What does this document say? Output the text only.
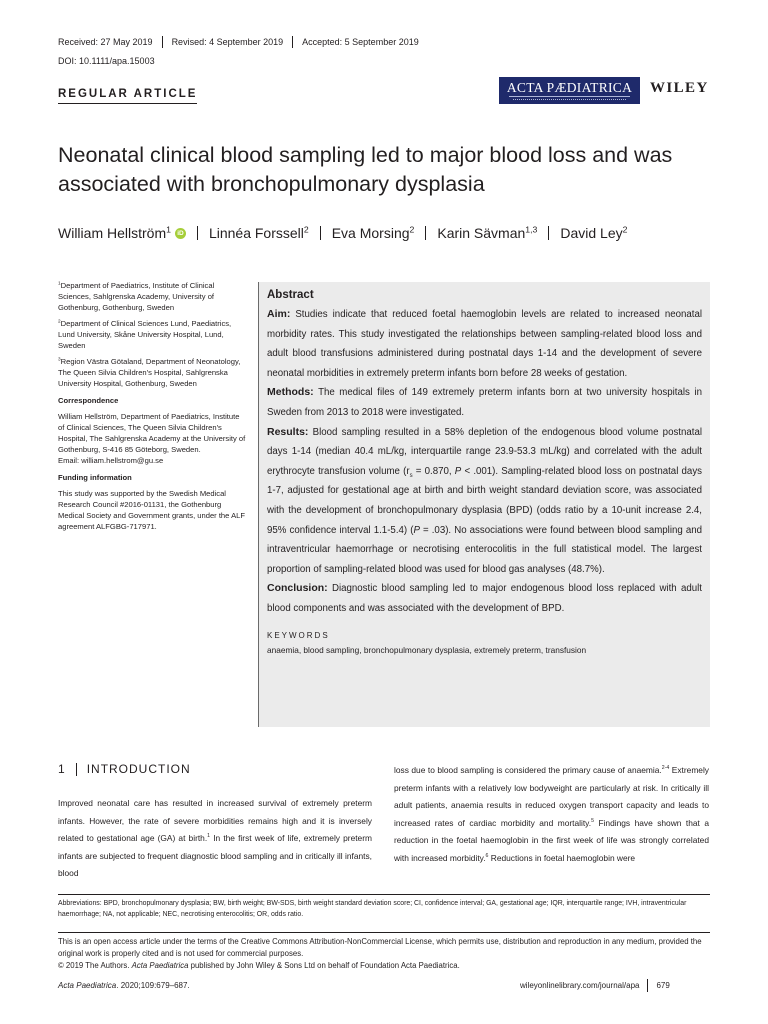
Received: 27 May 2019 Revised: 4 September 2019 Accepted: 5 September 2019
DOI: 10.1111/apa.15003
REGULAR ARTICLE	ACTA PÆDIATRICA	WILEY
Neonatal clinical blood sampling led to major blood loss and was associated with bronchopulmonary dysplasia
William Hellström$^1$ iD Linnéa Forssell$^2$ Eva Morsing$^2$ Karin Sävman$^{1,3}$ David Ley$^2$

$^1$Department of Paediatrics, Institute of Clinical Sciences, Sahlgrenska Academy, University of Gothenburg, Gothenburg, Sweden

$^2$Department of Clinical Sciences Lund, Paediatrics, Lund University, Skåne University Hospital, Lund, Sweden

$^3$Region Västra Götaland, Department of Neonatology, The Queen Silvia Children's Hospital, Sahlgrenska University Hospital, Gothenburg, Sweden

Correspondence

William Hellström, Department of Paediatrics, Institute of Clinical Sciences, The Queen Silvia Children's Hospital, The Sahlgrenska Academy at the University of Gothenburg, S-416 85 Göteborg, Sweden.

Email: william.hellstrom@gu.se

Funding information

This study was supported by the Swedish Medical Research Council #2016-01131, the Gothenburg Medical Society and Government grants, under the ALF agreement ALFGBG-717971.

Abstract

Aim: Studies indicate that reduced foetal haemoglobin levels are related to increased neonatal morbidity rates. This study investigated the relationships between sampling-related blood loss and adult blood transfusions administered during postnatal days 1-14 and the development of severe neonatal morbidities in extremely preterm infants born before 28 weeks of gestation.

Methods: The medical files of 149 extremely preterm infants born at two university hospitals in Sweden from 2013 to 2018 were investigated.

Results: Blood sampling resulted in a 58% depletion of the endogenous blood volume postnatal days 1-14 (median 40.4 mL/kg, interquartile range 23.9-53.3 mL/kg) and correlated with the adult erythrocyte transfusion volume ($r_s = 0.870$, P < .001). Sampling-related blood loss on postnatal days 1-7, adjusted for gestational age at birth and birth weight standard deviation score, was associated with the development of bronchopulmonary dysplasia (BPD) (odds ratio by a 10-unit increase 2.4, 95% confidence interval 1.1-5.4) (P = .03). No associations were found between blood sampling and intraventricular haemorrhage or necrotising enterocolitis in the full statistical model. The largest proportion of sampling-related blood was used for blood gas analyses (48.7%).

Conclusion: Diagnostic blood sampling led to major endogenous blood loss replaced with adult blood components and was associated with the development of BPD.

KEYWORDS
anaemia, blood sampling, bronchopulmonary dysplasia, extremely preterm, transfusion
1 INTRODUCTION
Improved neonatal care has resulted in increased survival of extremely preterm infants. However, the rate of severe morbidities remains high and it is inversely related to gestational age (GA) at birth.$^1$ In the first week of life, extremely preterm infants are subjected to frequent diagnostic blood sampling and in critically ill infants, blood
loss due to blood sampling is considered the primary cause of anaemia.$^{2-4}$ Extremely preterm infants with a relatively low bodyweight are particularly at risk. In critically ill adult patients, anaemia results in reduced oxygen transport capacity and leads to increased rates of cardiac morbidity and mortality.$^5$ Findings have shown that a reduction in the foetal haemoglobin in the first week of life was strongly correlated with increased morbidity.$^6$ Reductions in foetal haemoglobin were
Abbreviations: BPD, bronchopulmonary dysplasia; BW, birth weight; BW-SDS, birth weight standard deviation score; CI, confidence interval; GA, gestational age; IQR, interquartile range; IVH, intraventricular haemorrhage; NA, not applicable; NEC, necrotising enterocolitis; OR, odds ratio.
This is an open access article under the terms of the Creative Commons Attribution-NonCommercial License, which permits use, distribution and reproduction in any medium, provided the original work is properly cited and is not used for commercial purposes.
© 2019 The Authors. Acta Paediatrica published by John Wiley & Sons Ltd on behalf of Foundation Acta Paediatrica.
Acta Paediatrica. 2020;109:679–687.	wileyonlinelibrary.com/journal/apa 679
